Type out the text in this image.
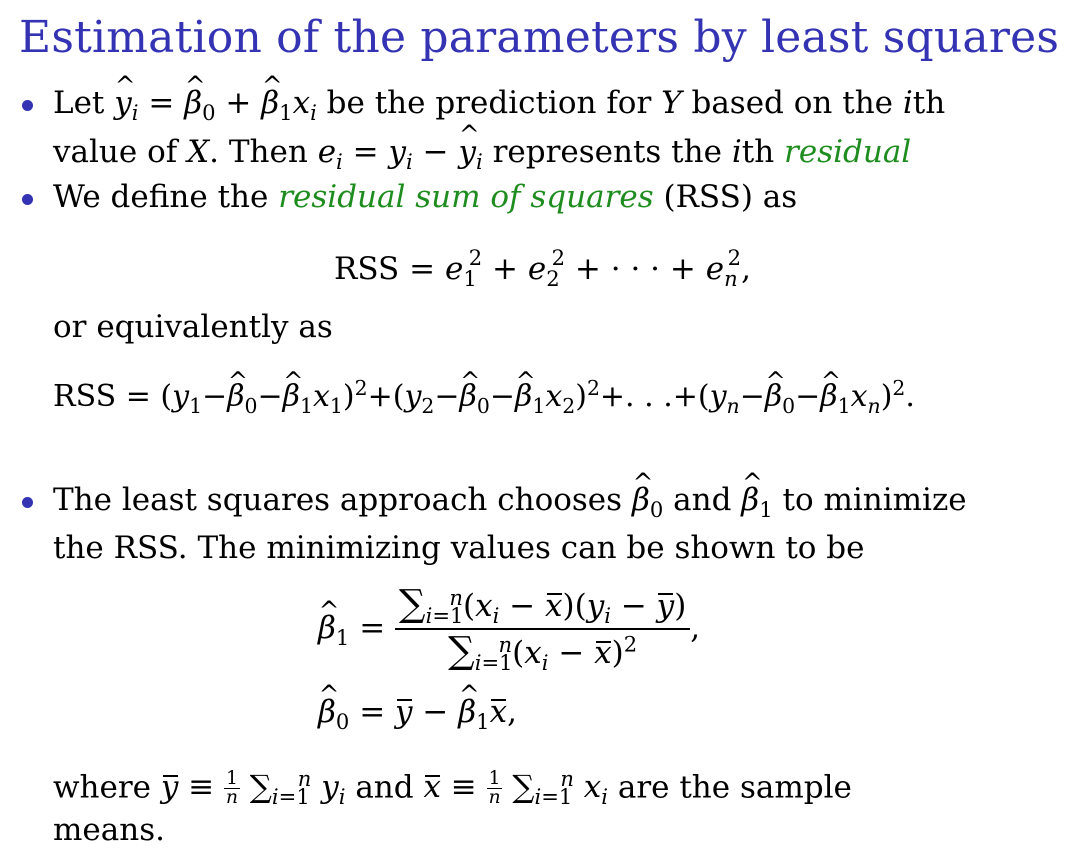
Estimation of the parameters by least squares
Let ^ $y_i$ = ^ $\beta_0$ + ^ $\beta_1x_i$ be the prediction for Y based on the ith
value of X. Then $e_i = y_i$ − ^ $y_i$ represents the ith residual
We define the residual sum of squares (RSS) as
RSS = $e_1^2 + e_2^2$ + · · · + $e_n^2$,
or equivalently as
RSS = ($y_1-\^{}$ $\beta_0-\^{}$ $\beta_1x_1)^2+(y_2-\^{}$ $\beta_0-\^{}$ $\beta_1x_2)^2+$. . $.+(y_n-\^{}$ $\beta_0-\^{}$ $\beta_1x_n)^2$.
The least squares approach chooses ^ $\beta_0$ and ^ $\beta_1$ to minimize
the RSS. The minimizing values can be shown to be
^ $\beta_1 = \frac{\sum_{i=1}^n(x_i - x)(y_i - y)}{\sum_{i=1}^n(x_i - x)^2}$ ,
^ $\beta_0 = y$ − ^ $\beta_1x$,
where $y \equiv \frac{1}{n} \sum_{i=1}^n$ $y_i$ and $x \equiv \frac{1}{n} \sum_{i=1}^n$ $x_i$ are the sample
means.
